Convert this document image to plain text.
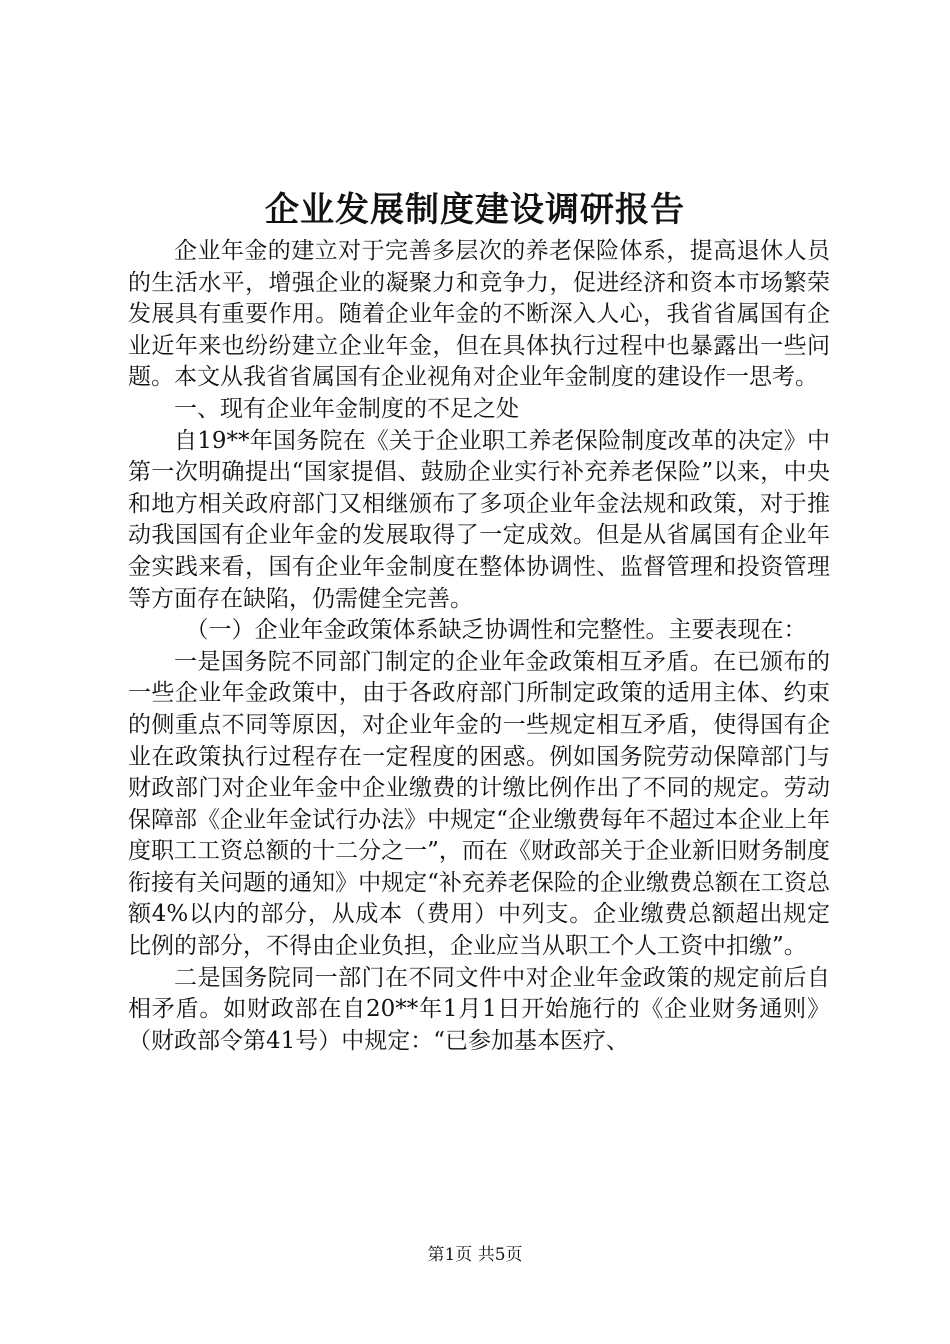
企业发展制度建设调研报告

企业年金的建立对于完善多层次的养老保险体系，提高退休人员的生活水平，增强企业的凝聚力和竞争力，促进经济和资本市场繁荣发展具有重要作用。随着企业年金的不断深入人心，我省省属国有企业近年来也纷纷建立企业年金，但在具体执行过程中也暴露出一些问题。本文从我省省属国有企业视角对企业年金制度的建设作一思考。

一、现有企业年金制度的不足之处

自19**年国务院在《关于企业职工养老保险制度改革的决定》中第一次明确提出“国家提倡、鼓励企业实行补充养老保险”以来，中央和地方相关政府部门又相继颁布了多项企业年金法规和政策，对于推动我国国有企业年金的发展取得了一定成效。但是从省属国有企业年金实践来看，国有企业年金制度在整体协调性、监督管理和投资管理等方面存在缺陷，仍需健全完善。

（一）企业年金政策体系缺乏协调性和完整性。主要表现在：

一是国务院不同部门制定的企业年金政策相互矛盾。在已颁布的一些企业年金政策中，由于各政府部门所制定政策的适用主体、约束的侧重点不同等原因，对企业年金的一些规定相互矛盾，使得国有企业在政策执行过程存在一定程度的困惑。例如国务院劳动保障部门与财政部门对企业年金中企业缴费的计缴比例作出了不同的规定。劳动保障部《企业年金试行办法》中规定“企业缴费每年不超过本企业上年度职工工资总额的十二分之一”，而在《财政部关于企业新旧财务制度衔接有关问题的通知》中规定“补充养老保险的企业缴费总额在工资总额4%以内的部分，从成本（费用）中列支。企业缴费总额超出规定比例的部分，不得由企业负担，企业应当从职工个人工资中扣缴”。

二是国务院同一部门在不同文件中对企业年金政策的规定前后自相矛盾。如财政部在自20**年1月1日开始施行的《企业财务通则》（财政部令第41号）中规定：“已参加基本医疗、

第1页 共5页
